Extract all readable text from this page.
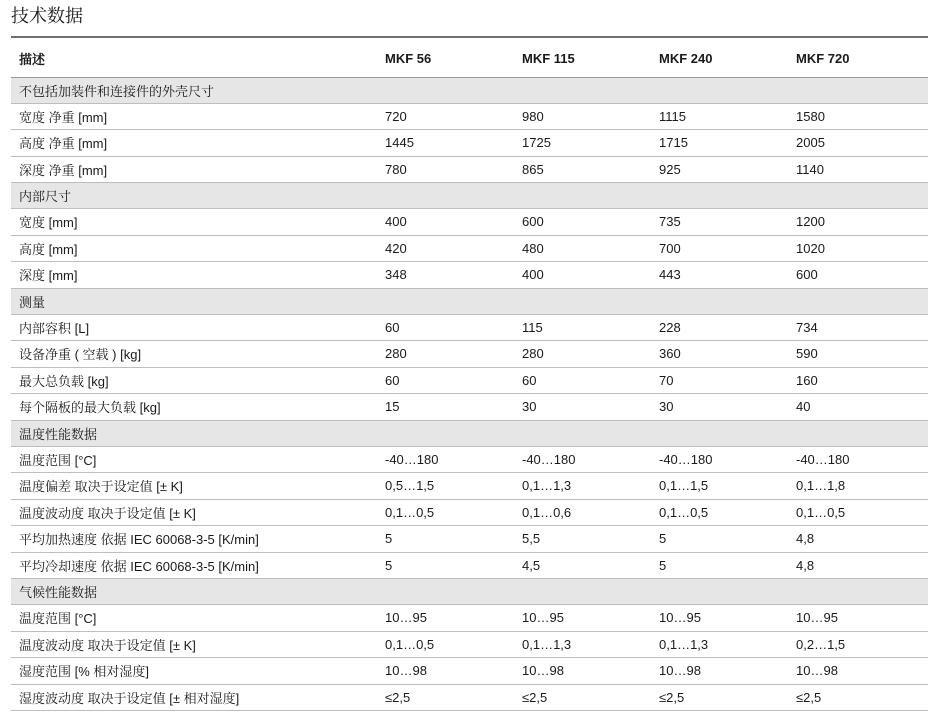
技术数据
描述	MKF 56	MKF 115	MKF 240	MKF 720
不包括加装件和连接件的外壳尺寸				
宽度 净重 [mm]	720	980	1115	1580
高度 净重 [mm]	1445	1725	1715	2005
深度 净重 [mm]	780	865	925	1140
内部尺寸				
宽度 [mm]	400	600	735	1200
高度 [mm]	420	480	700	1020
深度 [mm]	348	400	443	600
测量				
内部容积 [L]	60	115	228	734
设备净重 ( 空载 ) [kg]	280	280	360	590
最大总负载 [kg]	60	60	70	160
每个隔板的最大负载 [kg]	15	30	30	40
温度性能数据				
温度范围 [°C]	-40…180	-40…180	-40…180	-40…180
温度偏差 取决于设定值 [± K]	0,5…1,5	0,1…1,3	0,1…1,5	0,1…1,8
温度波动度 取决于设定值 [± K]	0,1…0,5	0,1…0,6	0,1…0,5	0,1…0,5
平均加热速度 依据 IEC 60068-3-5 [K/min]	5	5,5	5	4,8
平均冷却速度 依据 IEC 60068-3-5 [K/min]	5	4,5	5	4,8
气候性能数据				
温度范围 [°C]	10…95	10…95	10…95	10…95
温度波动度 取决于设定值 [± K]	0,1…0,5	0,1…1,3	0,1…1,3	0,2…1,5
湿度范围 [% 相对湿度]	10…98	10…98	10…98	10…98
湿度波动度 取决于设定值 [± 相对湿度]	≤2,5	≤2,5	≤2,5	≤2,5
